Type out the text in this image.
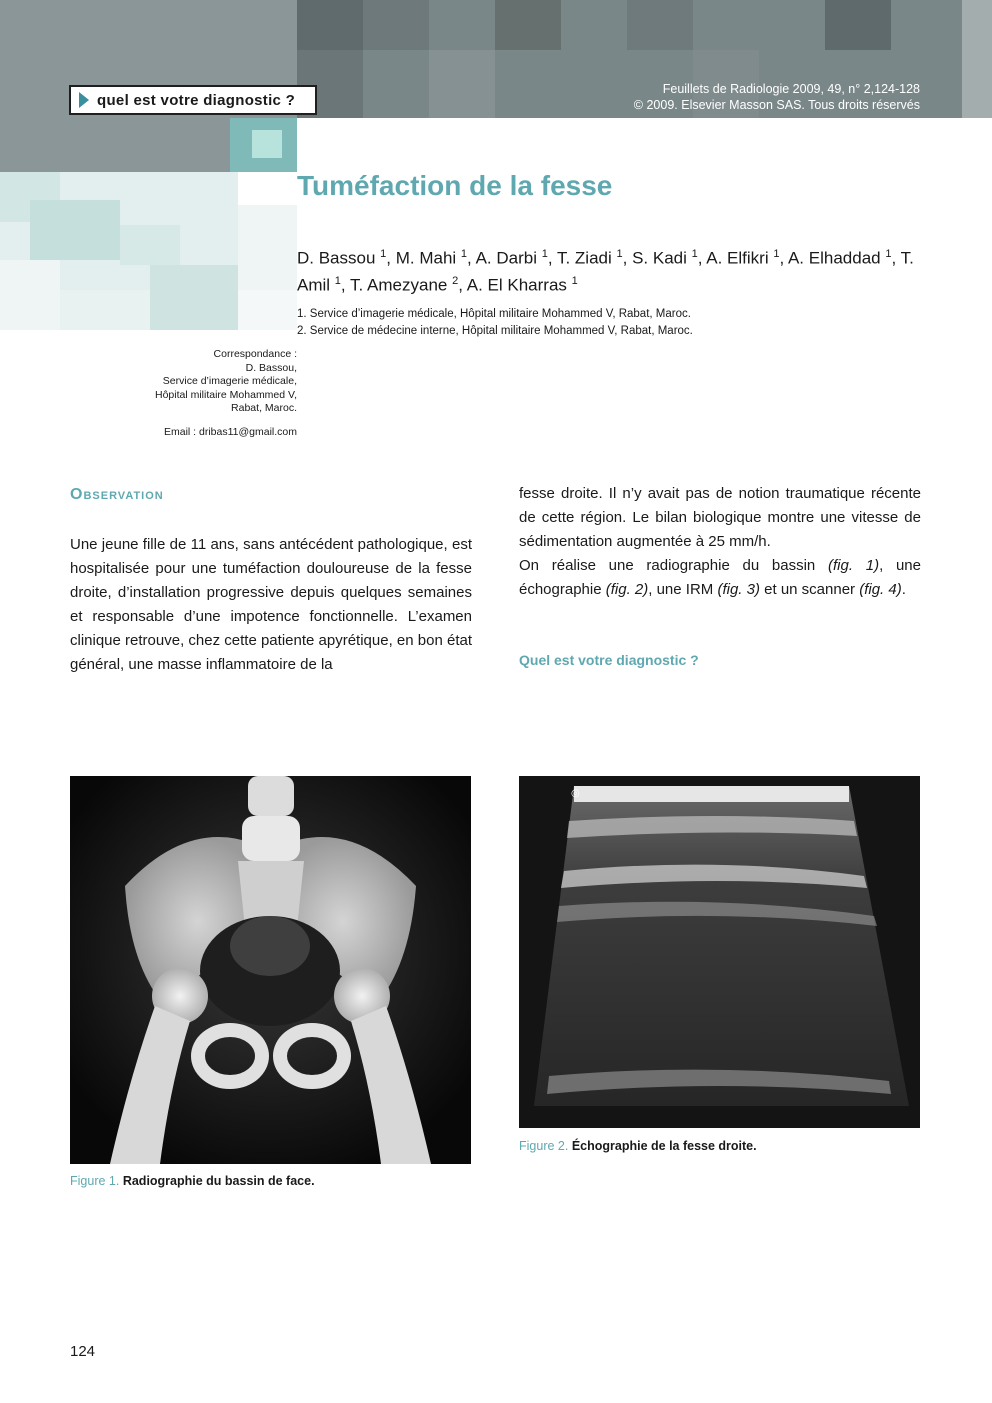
quel est votre diagnostic ?
Feuillets de Radiologie 2009, 49, n° 2,124-128
© 2009. Elsevier Masson SAS. Tous droits réservés
Tuméfaction de la fesse
D. Bassou $^1$, M. Mahi $^1$, A. Darbi $^1$, T. Ziadi $^1$, S. Kadi $^1$, A. Elfikri $^1$, A. Elhaddad $^1$, T. Amil $^1$, T. Amezyane $^2$, A. El Kharras $^1$
1. Service d’imagerie médicale, Hôpital militaire Mohammed V, Rabat, Maroc.
2. Service de médecine interne, Hôpital militaire Mohammed V, Rabat, Maroc.
Correspondance :
D. Bassou,
Service d’imagerie médicale,
Hôpital militaire Mohammed V,
Rabat, Maroc.
Email : dribas11@gmail.com
Observation

Une jeune fille de 11 ans, sans antécédent pathologique, est hospitalisée pour une tuméfaction douloureuse de la fesse droite, d’installation progressive depuis quelques semaines et responsable d’une impotence fonctionnelle. L’examen clinique retrouve, chez cette patiente apyrétique, en bon état général, une masse inflammatoire de la

fesse droite. Il n’y avait pas de notion traumatique récente de cette région. Le bilan biologique montre une vitesse de sédimentation augmentée à 25 mm/h.

On réalise une radiographie du bassin (fig. 1), une échographie (fig. 2), une IRM (fig. 3) et un scanner (fig. 4).

Quel est votre diagnostic ?
◎
Figure 1. Radiographie du bassin de face.
Figure 2. Échographie de la fesse droite.
124
